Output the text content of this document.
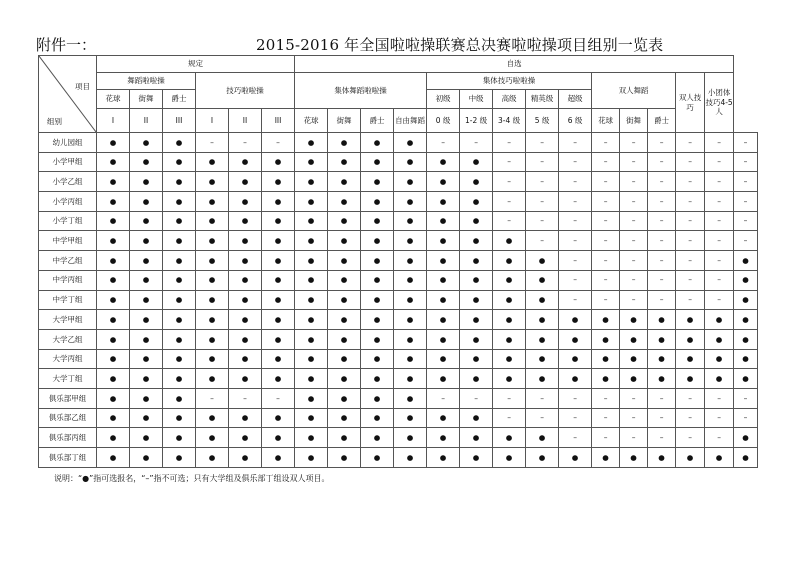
附件一：	2015-2016 年全国啦啦操联赛总决赛啦啦操项目组别一览表
项目
组别	规定						自选														
	舞蹈啦啦操			技巧啦啦操			集体舞蹈啦啦操				集体技巧啦啦操					双人舞蹈			双人技巧	小团体技巧4-5人	
	花球	街舞	爵士								初级	中级	高级	精英级	超级						
	I	II	III	I	II	III	花球	街舞	爵士	自由舞蹈	0 级	1-2 级	3-4 级	5 级	6 级	花球	街舞	爵士			
幼儿园组	●	●	●	–	–	–	●	●	●	●	–	–	–	–	–	–	–	–	–	–	–
小学甲组	●	●	●	●	●	●	●	●	●	●	●	●	–	–	–	–	–	–	–	–	–
小学乙组	●	●	●	●	●	●	●	●	●	●	●	●	–	–	–	–	–	–	–	–	–
小学丙组	●	●	●	●	●	●	●	●	●	●	●	●	–	–	–	–	–	–	–	–	–
小学丁组	●	●	●	●	●	●	●	●	●	●	●	●	–	–	–	–	–	–	–	–	–
中学甲组	●	●	●	●	●	●	●	●	●	●	●	●	●	–	–	–	–	–	–	–	–
中学乙组	●	●	●	●	●	●	●	●	●	●	●	●	●	●	–	–	–	–	–	–	●
中学丙组	●	●	●	●	●	●	●	●	●	●	●	●	●	●	–	–	–	–	–	–	●
中学丁组	●	●	●	●	●	●	●	●	●	●	●	●	●	●	–	–	–	–	–	–	●
大学甲组	●	●	●	●	●	●	●	●	●	●	●	●	●	●	●	●	●	●	●	●	●
大学乙组	●	●	●	●	●	●	●	●	●	●	●	●	●	●	●	●	●	●	●	●	●
大学丙组	●	●	●	●	●	●	●	●	●	●	●	●	●	●	●	●	●	●	●	●	●
大学丁组	●	●	●	●	●	●	●	●	●	●	●	●	●	●	●	●	●	●	●	●	●
俱乐部甲组	●	●	●	–	–	–	●	●	●	●	–	–	–	–	–	–	–	–	–	–	–
俱乐部乙组	●	●	●	●	●	●	●	●	●	●	●	●	–	–	–	–	–	–	–	–	–
俱乐部丙组	●	●	●	●	●	●	●	●	●	●	●	●	●	●	–	–	–	–	–	–	●
俱乐部丁组	●	●	●	●	●	●	●	●	●	●	●	●	●	●	●	●	●	●	●	●	●
说明：“●”指可选报名，“–”指不可选；只有大学组及俱乐部丁组设双人项目。
